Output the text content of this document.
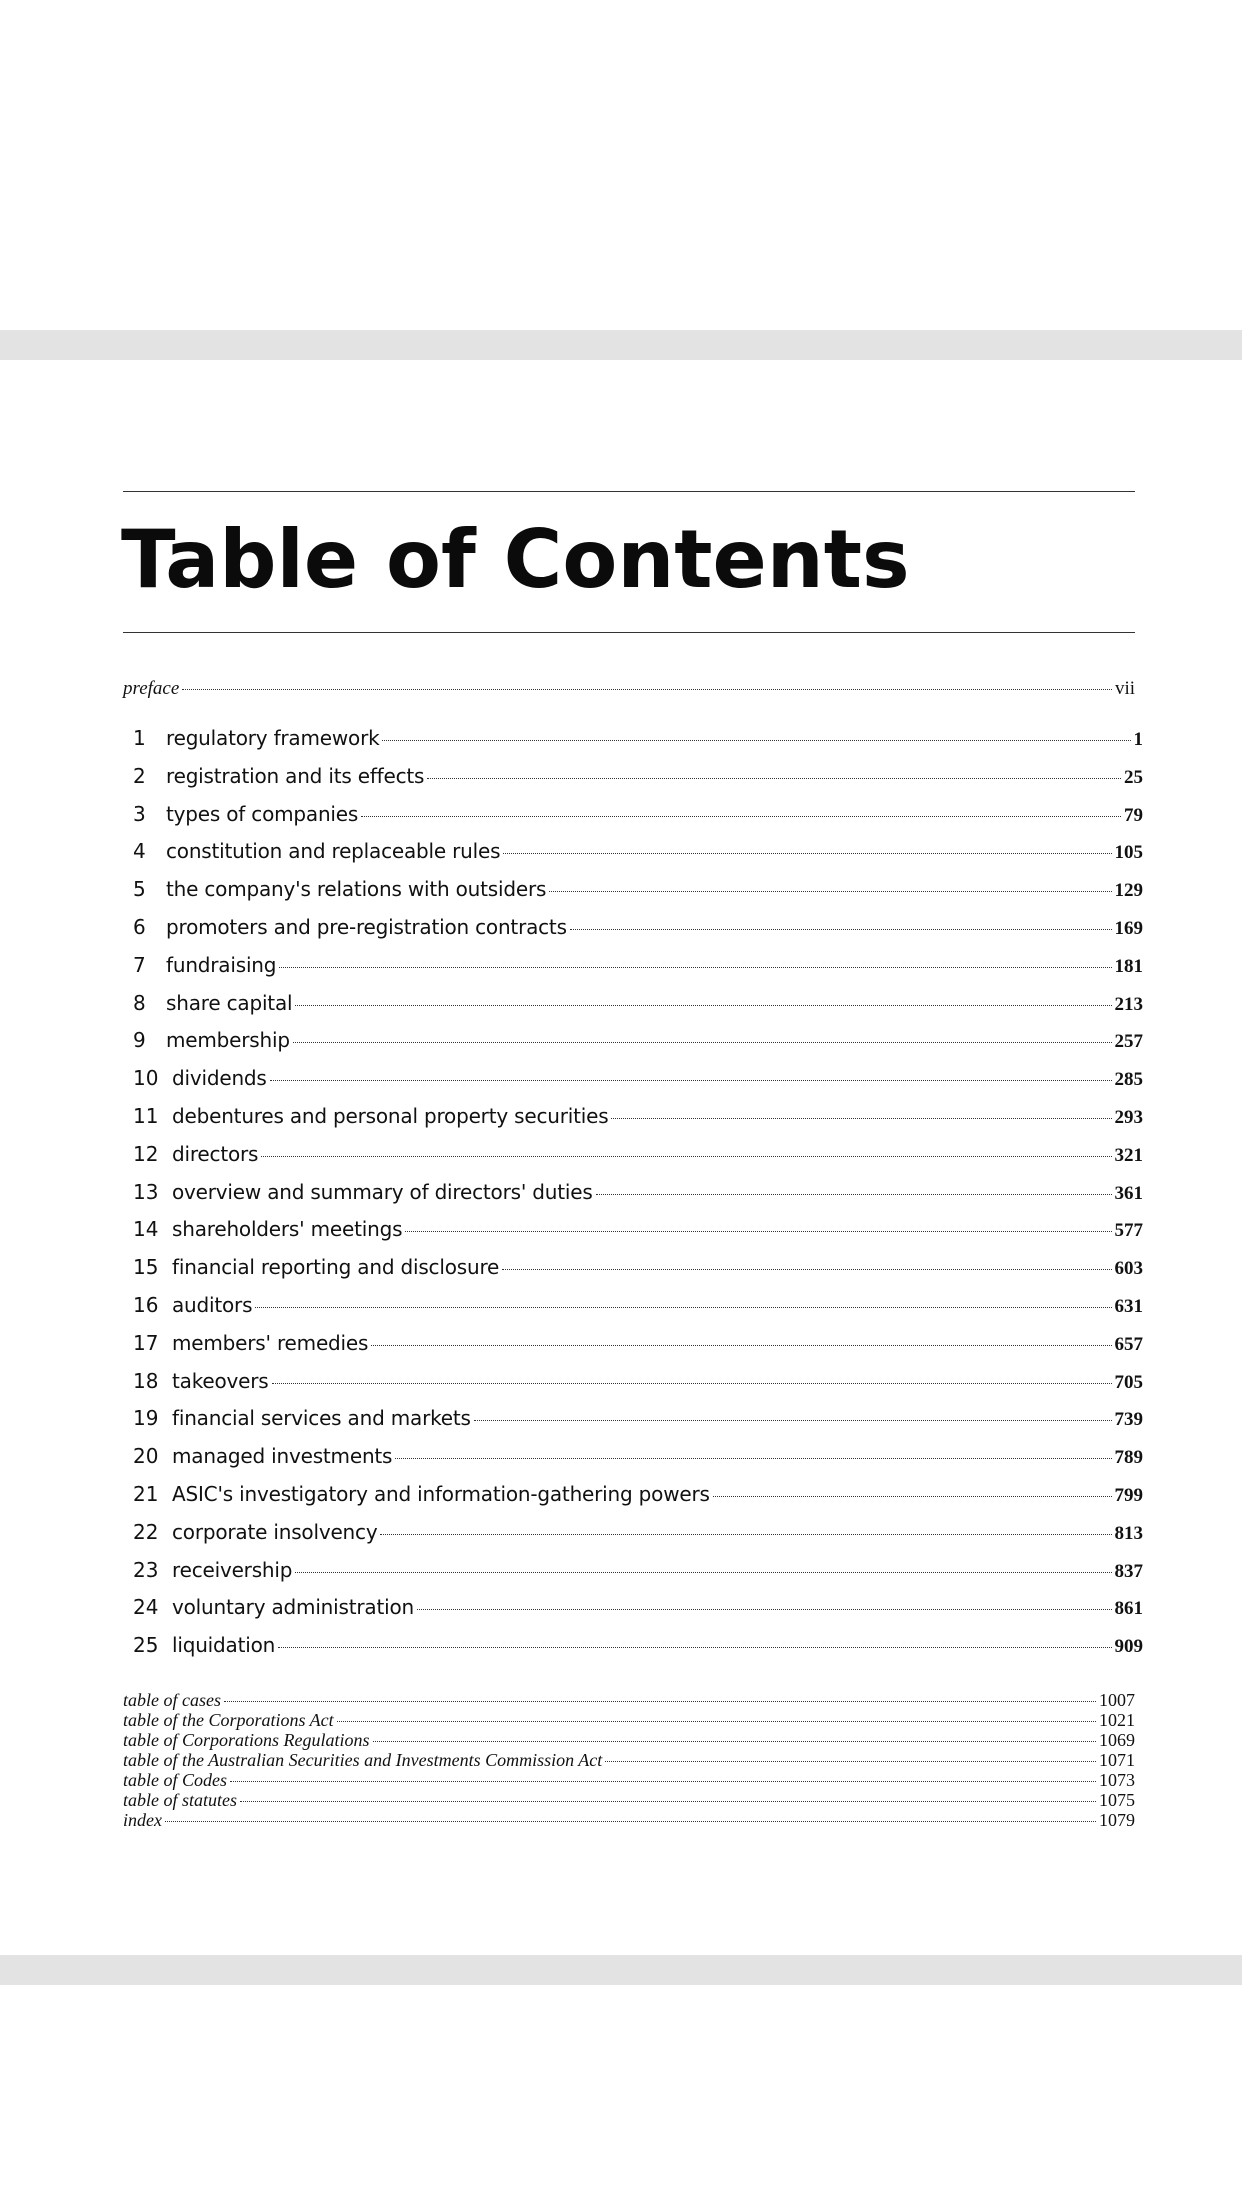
Table of Contents
preface	vii
1	regulatory framework	1
2	registration and its effects	25
3	types of companies	79
4	constitution and replaceable rules	105
5	the company's relations with outsiders	129
6	promoters and pre-registration contracts	169
7	fundraising	181
8	share capital	213
9	membership	257
10 dividends	285
11 debentures and personal property securities	293
12 directors	321
13 overview and summary of directors' duties	361
14 shareholders' meetings	577
15 financial reporting and disclosure	603
16 auditors	631
17 members' remedies	657
18 takeovers	705
19 financial services and markets	739
20 managed investments	789
21 ASIC's investigatory and information-gathering powers	799
22 corporate insolvency	813
23 receivership	837
24 voluntary administration	861
25 liquidation	909
table of cases	1007
table of the Corporations Act	1021
table of Corporations Regulations	1069
table of the Australian Securities and Investments Commission Act	1071
table of Codes	1073
table of statutes	1075
index	1079
